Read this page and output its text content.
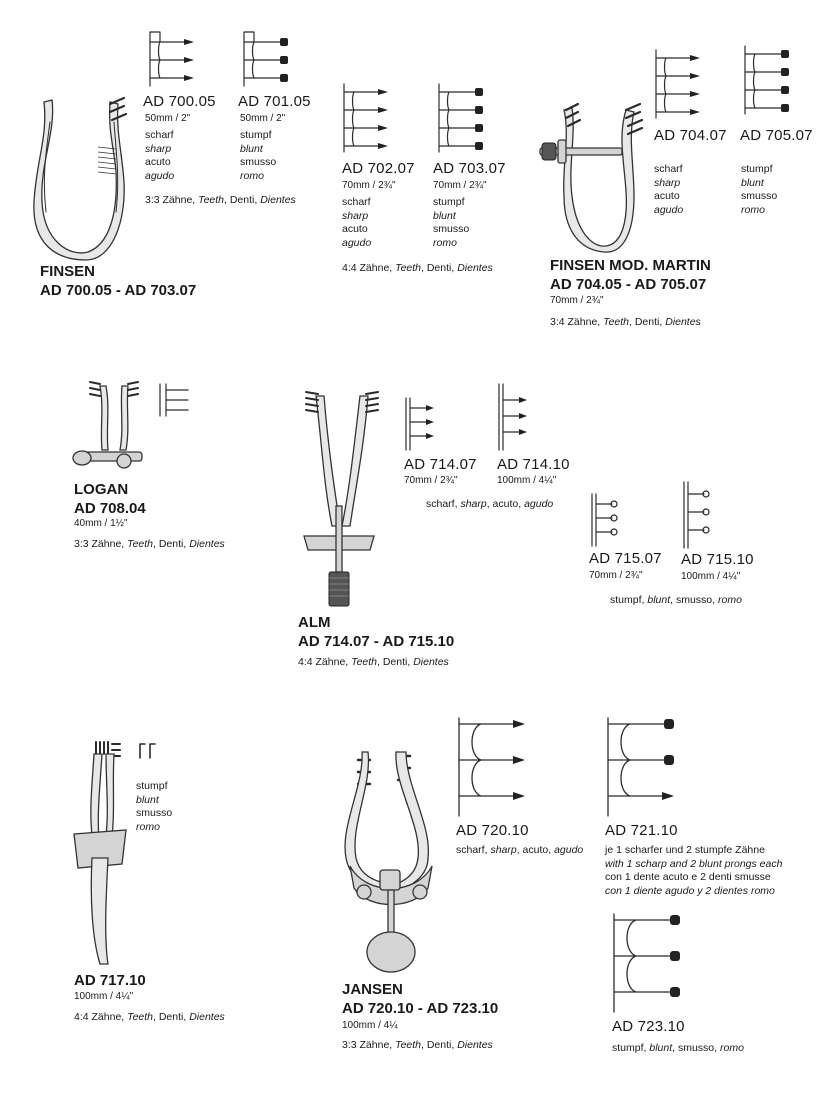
FINSEN
AD 700.05 - AD 703.07
AD 700.05
50mm / 2"
scharf
sharp
acuto
agudo
AD 701.05
50mm / 2"
stumpf
blunt
smusso
romo
3:3 Zähne, Teeth, Denti, Dientes
AD 702.07
70mm / 2¾"
scharf
sharp
acuto
agudo
AD 703.07
70mm / 2¾"
stumpf
blunt
smusso
romo
4:4 Zähne, Teeth, Denti, Dientes	FINSEN MOD. MARTIN
AD 704.05 - AD 705.07
70mm / 2¾"
3:4 Zähne, Teeth, Denti, Dientes
AD 704.07
scharf
sharp
acuto
agudo
AD 705.07
stumpf
blunt
smusso
romo
LOGAN
AD 708.04
40mm / 1½"
3:3 Zähne, Teeth, Denti, Dientes
ALM
AD 714.07 - AD 715.10
4:4 Zähne, Teeth, Denti, Dientes
AD 714.07
70mm / 2¾"
AD 714.10
100mm / 4¼"
scharf, sharp, acuto, agudo
AD 715.07
70mm / 2¾"
AD 715.10
100mm / 4¼"
stumpf, blunt, smusso, romo
stumpf
blunt
smusso
romo
AD 717.10
100mm / 4¼"
4:4 Zähne, Teeth, Denti, Dientes
JANSEN
AD 720.10 - AD 723.10
100mm / 4¼
3:3 Zähne, Teeth, Denti, Dientes
AD 720.10
scharf, sharp, acuto, agudo
AD 721.10
je 1 scharfer und 2 stumpfe Zähne
with 1 scharp and 2 blunt prongs each
con 1 dente acuto e 2 denti smusse
con 1 diente agudo y 2 dientes romo
AD 723.10
stumpf, blunt, smusso, romo
